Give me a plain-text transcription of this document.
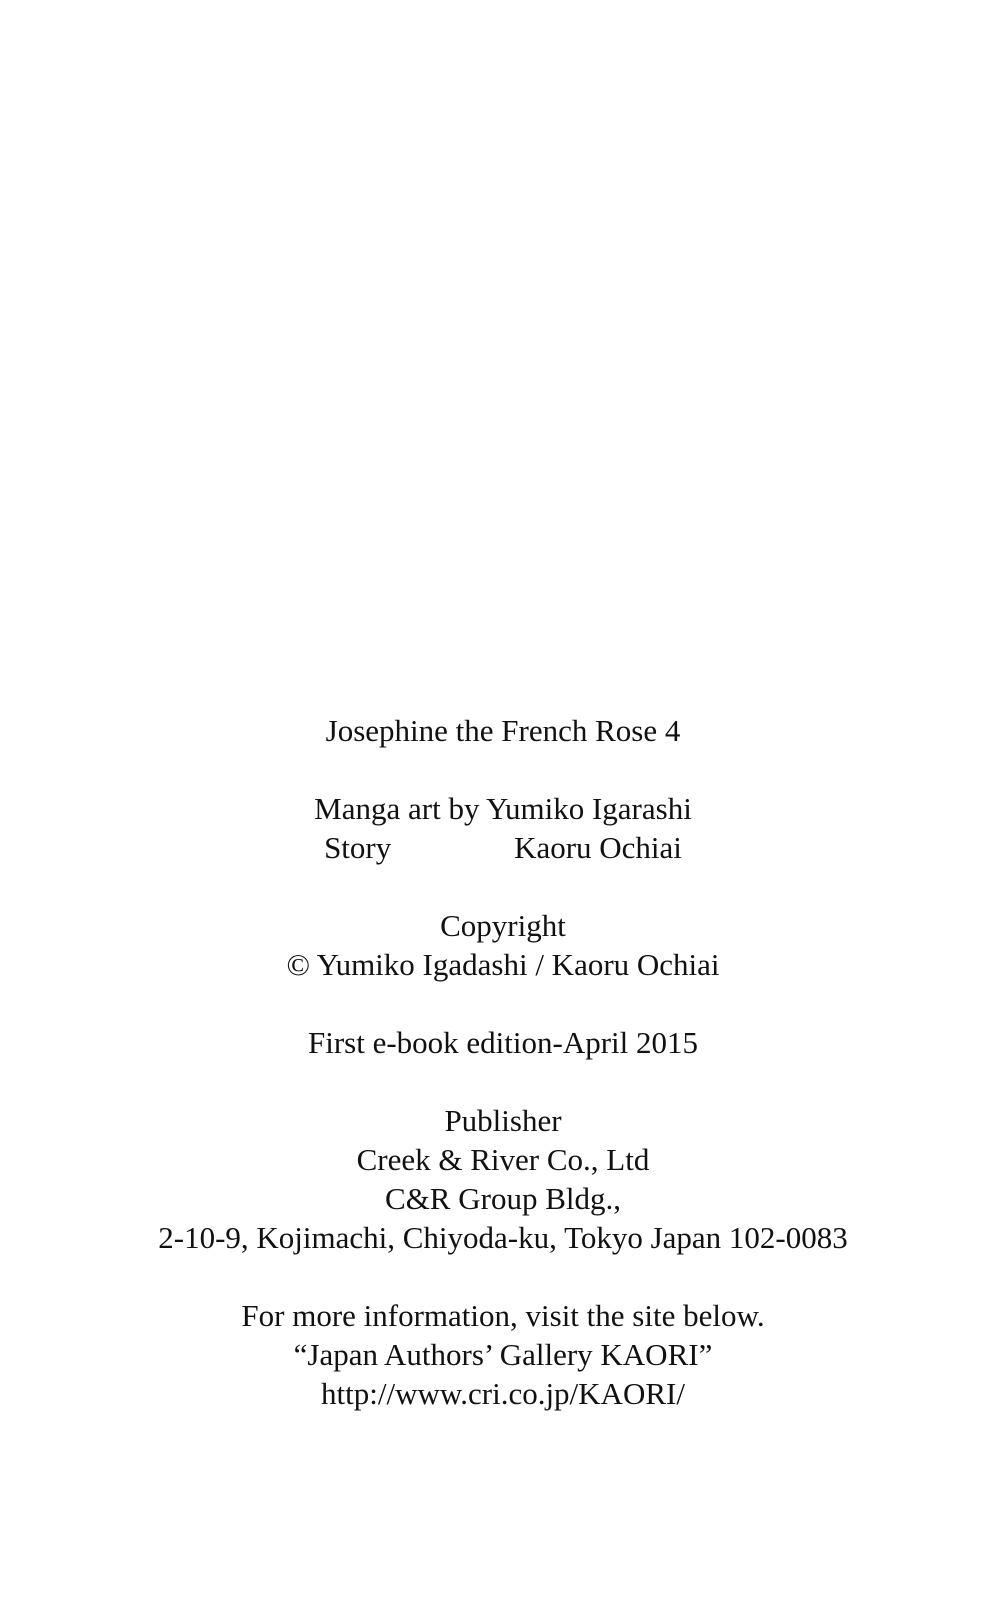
Josephine the French Rose 4
Manga art by Yumiko Igarashi
Story	Kaoru Ochiai
Copyright
© Yumiko Igadashi / Kaoru Ochiai
First e-book edition-April 2015
Publisher
Creek & River Co., Ltd
C&R Group Bldg.,
2-10-9, Kojimachi, Chiyoda-ku, Tokyo Japan 102-0083
For more information, visit the site below.
“Japan Authors’ Gallery KAORI”
http://www.cri.co.jp/KAORI/
